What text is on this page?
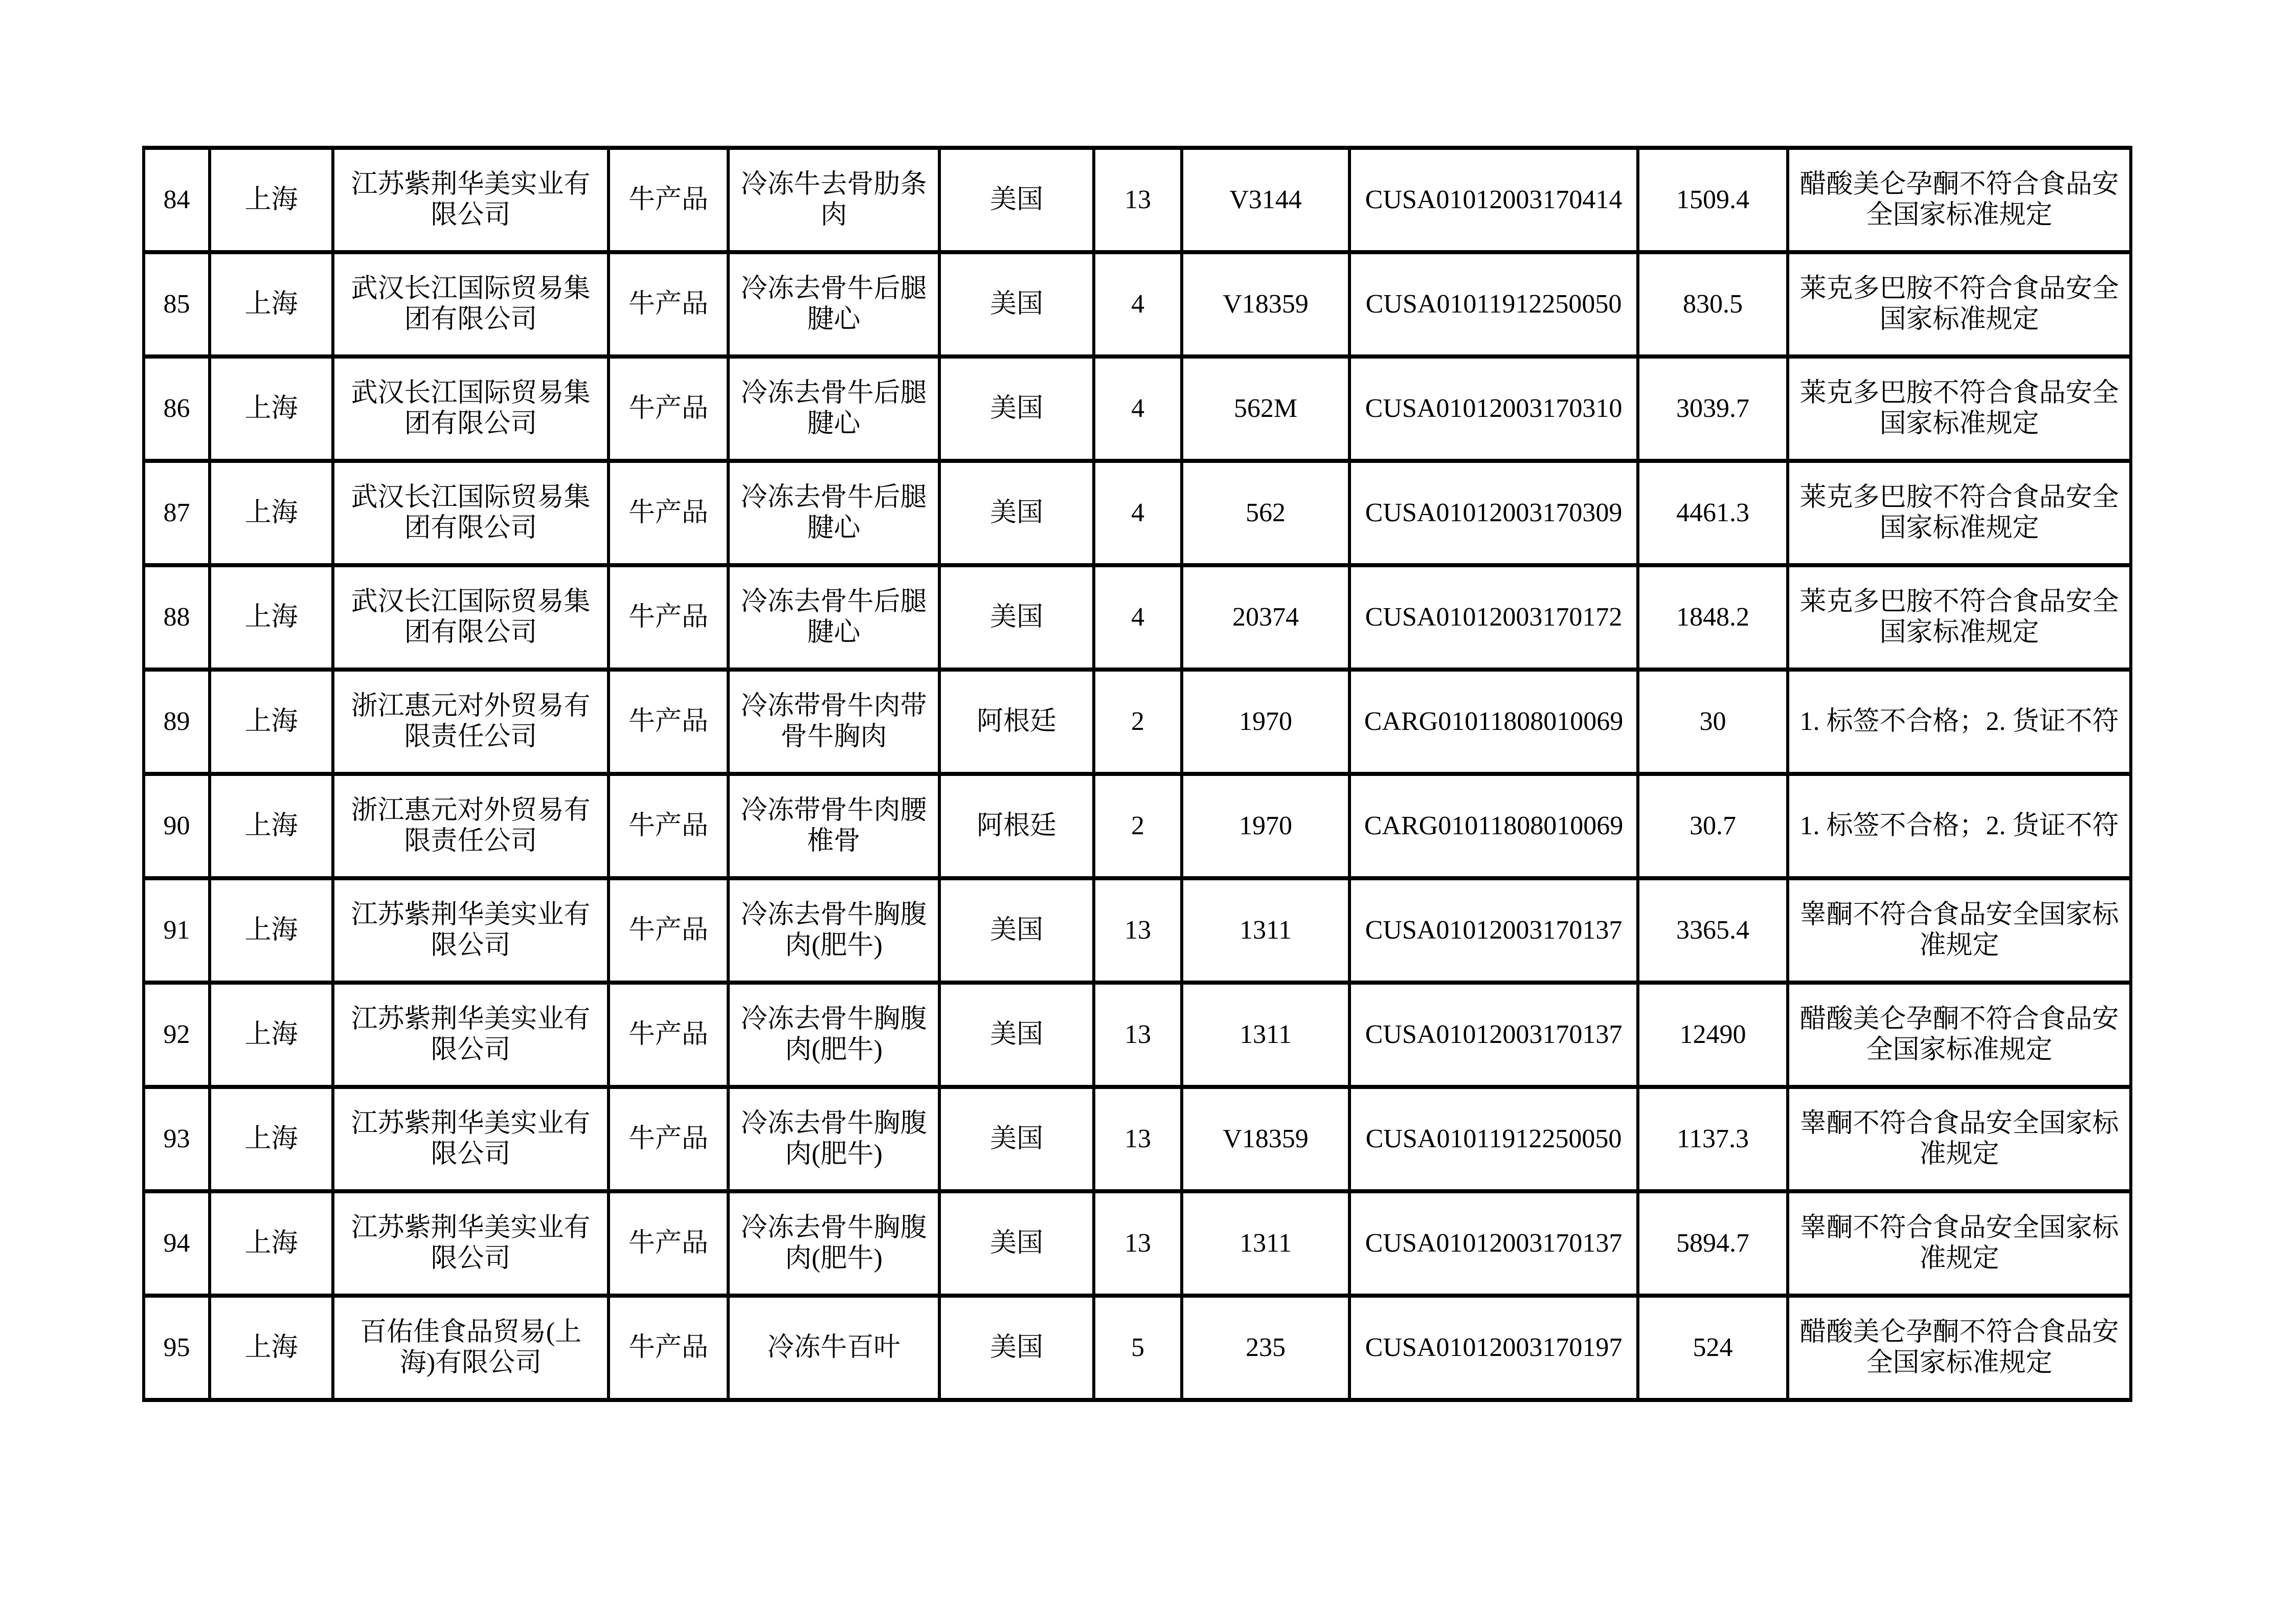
84	上海	江苏紫荆华美实业有限公司	牛产品	冷冻牛去骨肋条肉	美国	13	V3144	CUSA01012003170414	1509.4	醋酸美仑孕酮不符合食品安全国家标准规定
85	上海	武汉长江国际贸易集团有限公司	牛产品	冷冻去骨牛后腿腱心	美国	4	V18359	CUSA01011912250050	830.5	莱克多巴胺不符合食品安全国家标准规定
86	上海	武汉长江国际贸易集团有限公司	牛产品	冷冻去骨牛后腿腱心	美国	4	562M	CUSA01012003170310	3039.7	莱克多巴胺不符合食品安全国家标准规定
87	上海	武汉长江国际贸易集团有限公司	牛产品	冷冻去骨牛后腿腱心	美国	4	562	CUSA01012003170309	4461.3	莱克多巴胺不符合食品安全国家标准规定
88	上海	武汉长江国际贸易集团有限公司	牛产品	冷冻去骨牛后腿腱心	美国	4	20374	CUSA01012003170172	1848.2	莱克多巴胺不符合食品安全国家标准规定
89	上海	浙江惠元对外贸易有限责任公司	牛产品	冷冻带骨牛肉带骨牛胸肉	阿根廷	2	1970	CARG01011808010069	30	1. 标签不合格；2. 货证不符
90	上海	浙江惠元对外贸易有限责任公司	牛产品	冷冻带骨牛肉腰椎骨	阿根廷	2	1970	CARG01011808010069	30.7	1. 标签不合格；2. 货证不符
91	上海	江苏紫荆华美实业有限公司	牛产品	冷冻去骨牛胸腹肉(肥牛)	美国	13	1311	CUSA01012003170137	3365.4	睾酮不符合食品安全国家标准规定
92	上海	江苏紫荆华美实业有限公司	牛产品	冷冻去骨牛胸腹肉(肥牛)	美国	13	1311	CUSA01012003170137	12490	醋酸美仑孕酮不符合食品安全国家标准规定
93	上海	江苏紫荆华美实业有限公司	牛产品	冷冻去骨牛胸腹肉(肥牛)	美国	13	V18359	CUSA01011912250050	1137.3	睾酮不符合食品安全国家标准规定
94	上海	江苏紫荆华美实业有限公司	牛产品	冷冻去骨牛胸腹肉(肥牛)	美国	13	1311	CUSA01012003170137	5894.7	睾酮不符合食品安全国家标准规定
95	上海	百佑佳食品贸易(上海)有限公司	牛产品	冷冻牛百叶	美国	5	235	CUSA01012003170197	524	醋酸美仑孕酮不符合食品安全国家标准规定
